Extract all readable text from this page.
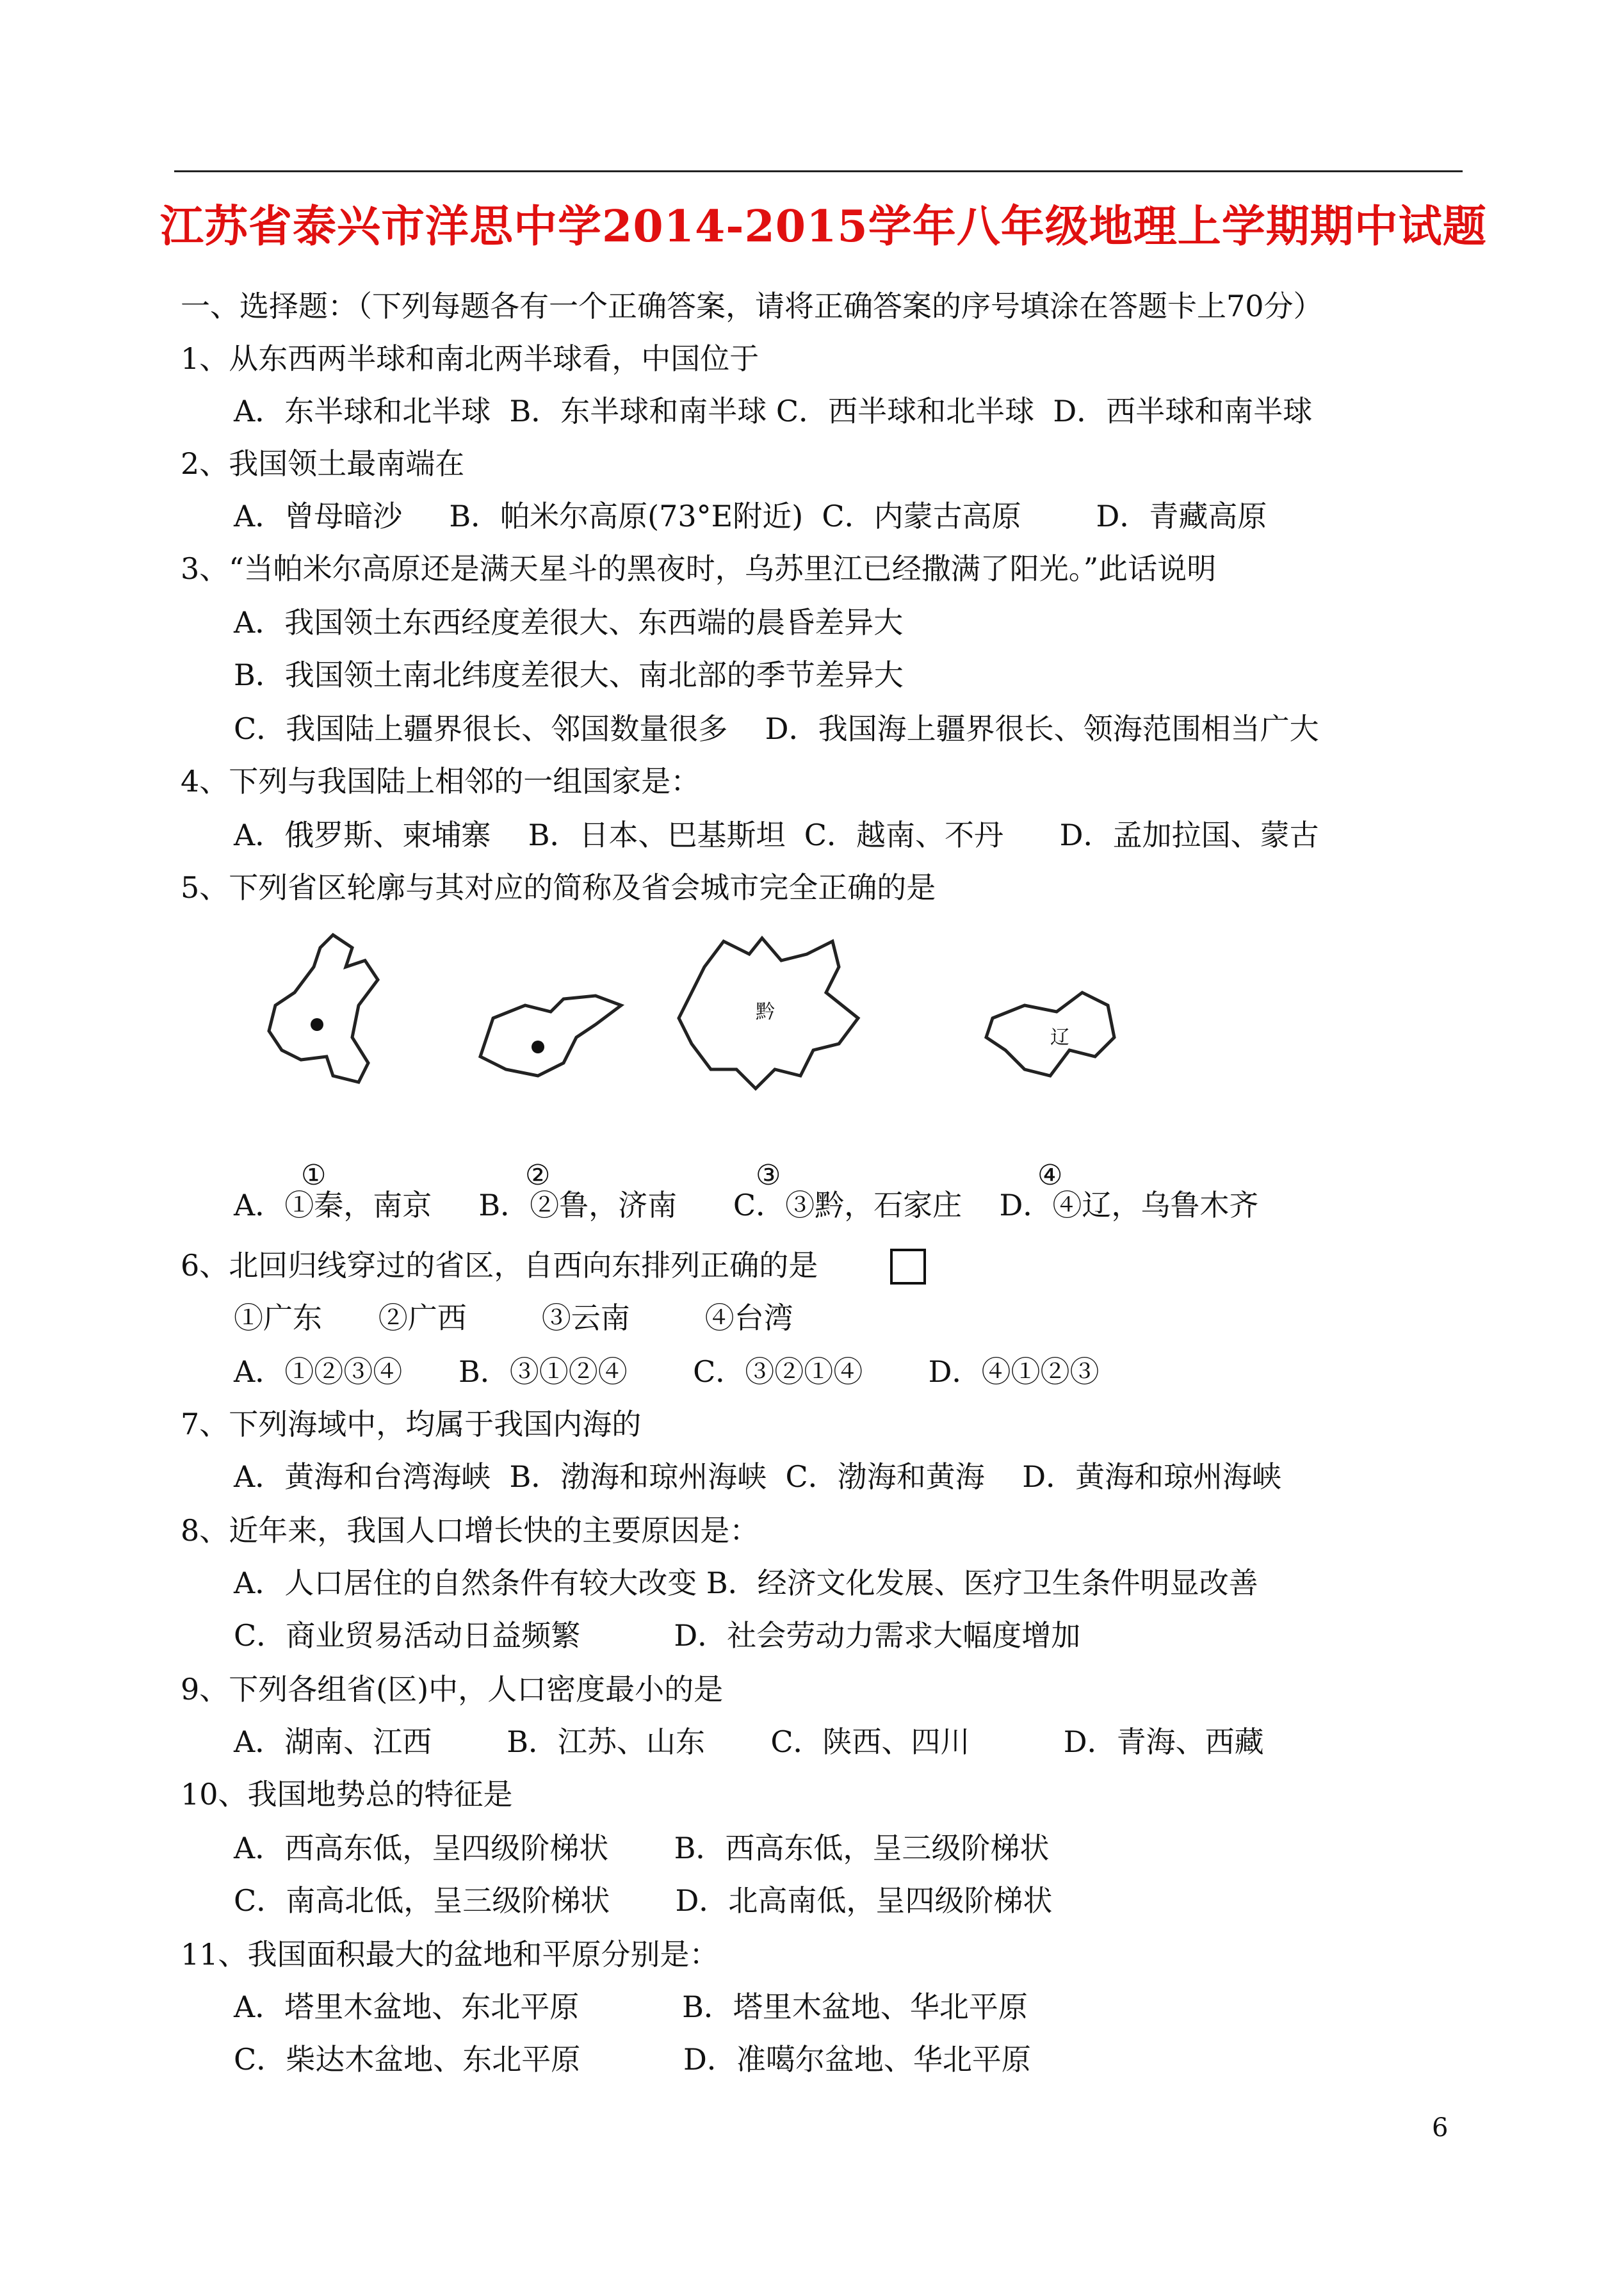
江苏省泰兴市洋思中学2014-2015学年八年级地理上学期期中试题
一、选择题：（下列每题各有一个正确答案，请将正确答案的序号填涂在答题卡上70分）
1、从东西两半球和南北两半球看，中国位于
A．东半球和北半球  B．东半球和南半球 C．西半球和北半球  D．西半球和南半球
2、我国领土最南端在
A．曾母暗沙     B．帕米尔高原(73°E附近)  C．内蒙古高原        D．青藏高原
3、“当帕米尔高原还是满天星斗的黑夜时，乌苏里江已经撒满了阳光。”此话说明
A．我国领土东西经度差很大、东西端的晨昏差异大
B．我国领土南北纬度差很大、南北部的季节差异大
C．我国陆上疆界很长、邻国数量很多    D．我国海上疆界很长、领海范围相当广大
4、下列与我国陆上相邻的一组国家是：
A．俄罗斯、柬埔寨    B．日本、巴基斯坦  C．越南、不丹      D．孟加拉国、蒙古
5、下列省区轮廓与其对应的简称及省会城市完全正确的是
①	②
黔
③
辽
④
A．①秦，南京     B．②鲁，济南      C．③黔，石家庄    D．④辽，乌鲁木齐
6、北回归线穿过的省区，自西向东排列正确的是
①广东      ②广西        ③云南        ④台湾
A．①②③④      B．③①②④       C．③②①④       D．④①②③
7、下列海域中，均属于我国内海的
A．黄海和台湾海峡  B．渤海和琼州海峡  C．渤海和黄海    D．黄海和琼州海峡
8、近年来，我国人口增长快的主要原因是：
A．人口居住的自然条件有较大改变 B．经济文化发展、医疗卫生条件明显改善
C．商业贸易活动日益频繁          D．社会劳动力需求大幅度增加
9、下列各组省(区)中，人口密度最小的是
A．湖南、江西        B．江苏、山东       C．陕西、四川          D．青海、西藏
10、我国地势总的特征是
A．西高东低，呈四级阶梯状       B．西高东低，呈三级阶梯状
C．南高北低，呈三级阶梯状       D．北高南低，呈四级阶梯状
11、我国面积最大的盆地和平原分别是：
A．塔里木盆地、东北平原           B．塔里木盆地、华北平原
C．柴达木盆地、东北平原           D．准噶尔盆地、华北平原
6
